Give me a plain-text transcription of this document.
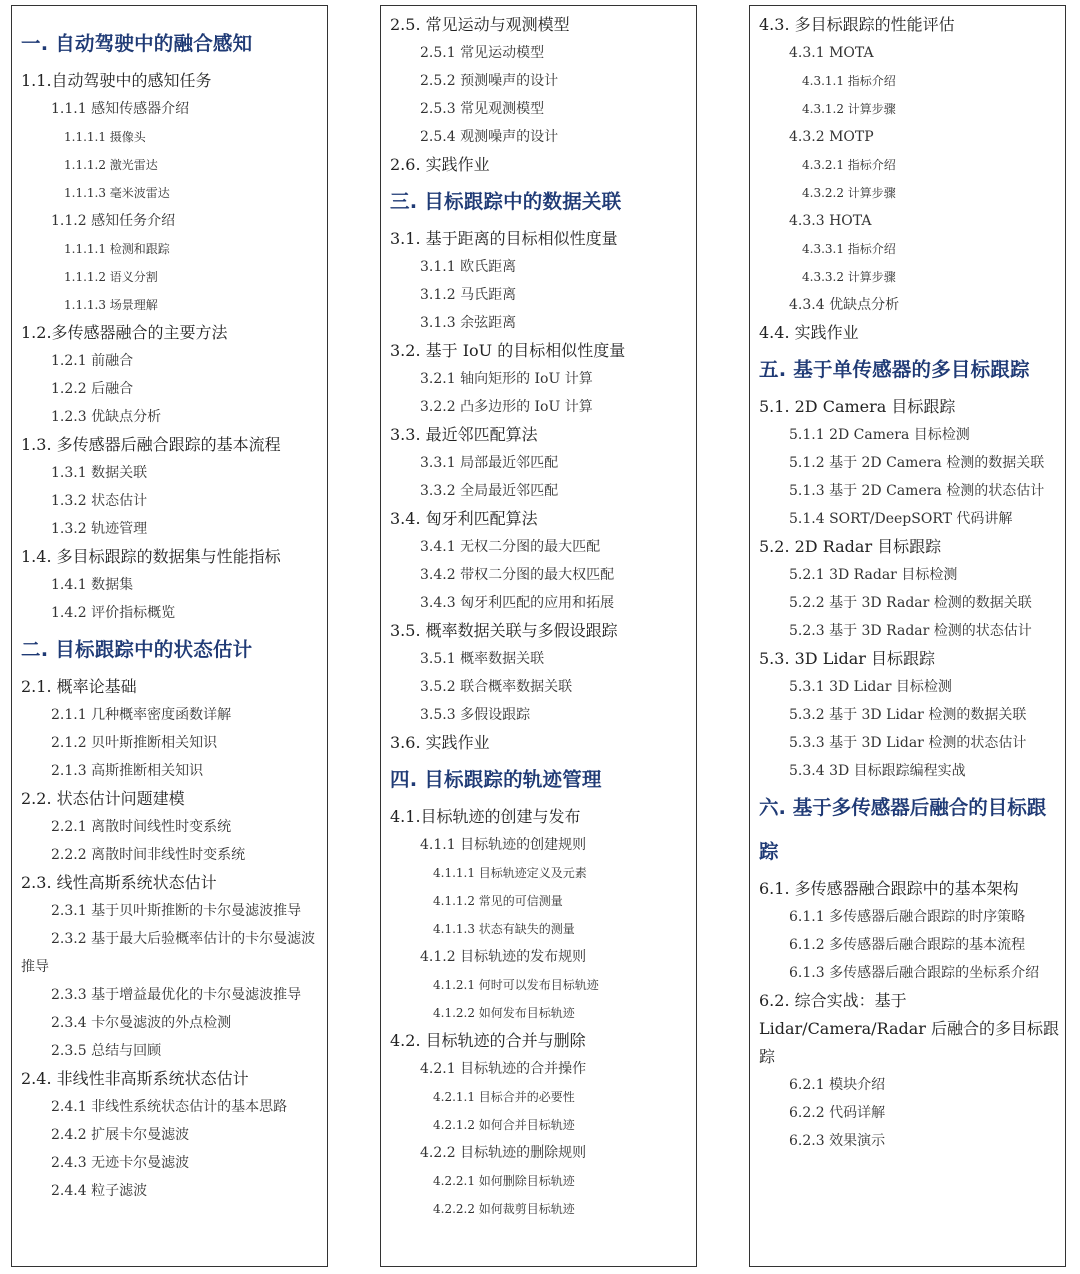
一. 自动驾驶中的融合感知
1.1.自动驾驶中的感知任务
1.1.1 感知传感器介绍
1.1.1.1 摄像头
1.1.1.2 激光雷达
1.1.1.3 毫米波雷达
1.1.2 感知任务介绍
1.1.1.1 检测和跟踪
1.1.1.2 语义分割
1.1.1.3 场景理解
1.2.多传感器融合的主要方法
1.2.1 前融合
1.2.2 后融合
1.2.3 优缺点分析
1.3. 多传感器后融合跟踪的基本流程
1.3.1 数据关联
1.3.2 状态估计
1.3.2 轨迹管理
1.4. 多目标跟踪的数据集与性能指标
1.4.1 数据集
1.4.2 评价指标概览
二. 目标跟踪中的状态估计
2.1. 概率论基础
2.1.1 几种概率密度函数详解
2.1.2 贝叶斯推断相关知识
2.1.3 高斯推断相关知识
2.2. 状态估计问题建模
2.2.1 离散时间线性时变系统
2.2.2 离散时间非线性时变系统
2.3. 线性高斯系统状态估计
2.3.1 基于贝叶斯推断的卡尔曼滤波推导
2.3.2 基于最大后验概率估计的卡尔曼滤波推导
2.3.3 基于增益最优化的卡尔曼滤波推导
2.3.4 卡尔曼滤波的外点检测
2.3.5 总结与回顾
2.4. 非线性非高斯系统状态估计
2.4.1 非线性系统状态估计的基本思路
2.4.2 扩展卡尔曼滤波
2.4.3 无迹卡尔曼滤波
2.4.4 粒子滤波
2.5. 常见运动与观测模型
2.5.1 常见运动模型
2.5.2 预测噪声的设计
2.5.3 常见观测模型
2.5.4 观测噪声的设计
2.6. 实践作业
三. 目标跟踪中的数据关联
3.1. 基于距离的目标相似性度量
3.1.1 欧氏距离
3.1.2 马氏距离
3.1.3 余弦距离
3.2. 基于 IoU 的目标相似性度量
3.2.1 轴向矩形的 IoU 计算
3.2.2 凸多边形的 IoU 计算
3.3. 最近邻匹配算法
3.3.1 局部最近邻匹配
3.3.2 全局最近邻匹配
3.4. 匈牙利匹配算法
3.4.1 无权二分图的最大匹配
3.4.2 带权二分图的最大权匹配
3.4.3 匈牙利匹配的应用和拓展
3.5. 概率数据关联与多假设跟踪
3.5.1 概率数据关联
3.5.2 联合概率数据关联
3.5.3 多假设跟踪
3.6. 实践作业
四. 目标跟踪的轨迹管理
4.1.目标轨迹的创建与发布
4.1.1 目标轨迹的创建规则
4.1.1.1 目标轨迹定义及元素
4.1.1.2 常见的可信测量
4.1.1.3 状态有缺失的测量
4.1.2 目标轨迹的发布规则
4.1.2.1 何时可以发布目标轨迹
4.1.2.2 如何发布目标轨迹
4.2. 目标轨迹的合并与删除
4.2.1 目标轨迹的合并操作
4.2.1.1 目标合并的必要性
4.2.1.2 如何合并目标轨迹
4.2.2 目标轨迹的删除规则
4.2.2.1 如何删除目标轨迹
4.2.2.2 如何裁剪目标轨迹
4.3. 多目标跟踪的性能评估
4.3.1 MOTA
4.3.1.1 指标介绍
4.3.1.2 计算步骤
4.3.2 MOTP
4.3.2.1 指标介绍
4.3.2.2 计算步骤
4.3.3 HOTA
4.3.3.1 指标介绍
4.3.3.2 计算步骤
4.3.4 优缺点分析
4.4. 实践作业
五. 基于单传感器的多目标跟踪
5.1. 2D Camera 目标跟踪
5.1.1 2D Camera 目标检测
5.1.2 基于 2D Camera 检测的数据关联
5.1.3 基于 2D Camera 检测的状态估计
5.1.4 SORT/DeepSORT 代码讲解
5.2. 2D Radar 目标跟踪
5.2.1 3D Radar 目标检测
5.2.2 基于 3D Radar 检测的数据关联
5.2.3 基于 3D Radar 检测的状态估计
5.3. 3D Lidar 目标跟踪
5.3.1 3D Lidar 目标检测
5.3.2 基于 3D Lidar 检测的数据关联
5.3.3 基于 3D Lidar 检测的状态估计
5.3.4 3D 目标跟踪编程实战
六. 基于多传感器后融合的目标跟踪
6.1. 多传感器融合跟踪中的基本架构
6.1.1 多传感器后融合跟踪的时序策略
6.1.2 多传感器后融合跟踪的基本流程
6.1.3 多传感器后融合跟踪的坐标系介绍
6.2. 综合实战：基于 Lidar/Camera/Radar 后融合的多目标跟踪
6.2.1 模块介绍
6.2.2 代码详解
6.2.3 效果演示
